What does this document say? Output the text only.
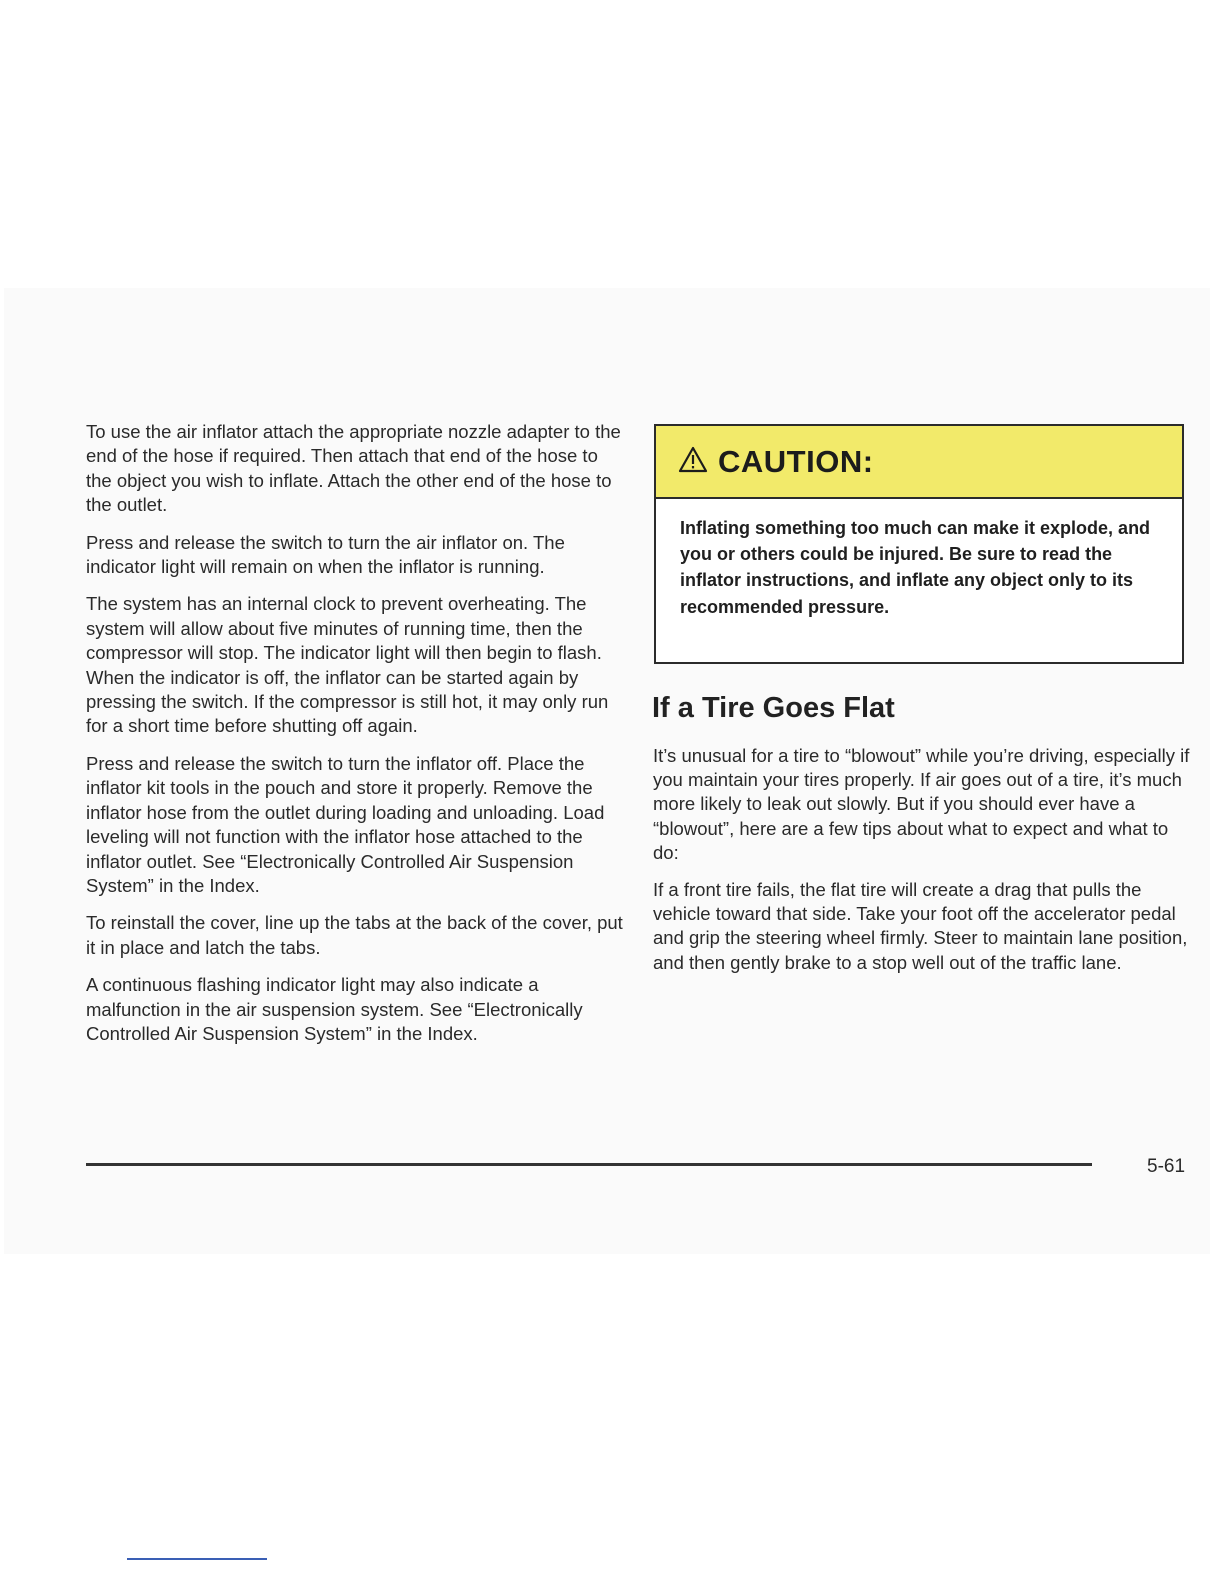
To use the air inflator attach the appropriate nozzle adapter to the end of the hose if required. Then attach that end of the hose to the object you wish to inflate. Attach the other end of the hose to the outlet.

Press and release the switch to turn the air inflator on. The indicator light will remain on when the inflator is running.

The system has an internal clock to prevent overheating. The system will allow about five minutes of running time, then the compressor will stop. The indicator light will then begin to flash. When the indicator is off, the inflator can be started again by pressing the switch. If the compressor is still hot, it may only run for a short time before shutting off again.

Press and release the switch to turn the inflator off. Place the inflator kit tools in the pouch and store it properly. Remove the inflator hose from the outlet during loading and unloading. Load leveling will not function with the inflator hose attached to the inflator outlet. See “Electronically Controlled Air Suspension System” in the Index.

To reinstall the cover, line up the tabs at the back of the cover, put it in place and latch the tabs.

A continuous flashing indicator light may also indicate a malfunction in the air suspension system. See “Electronically Controlled Air Suspension System” in the Index.

CAUTION:
Inflating something too much can make it explode, and you or others could be injured. Be sure to read the inflator instructions, and inflate any object only to its recommended pressure.
If a Tire Goes Flat

It’s unusual for a tire to “blowout” while you’re driving, especially if you maintain your tires properly. If air goes out of a tire, it’s much more likely to leak out slowly. But if you should ever have a “blowout”, here are a few tips about what to expect and what to do:

If a front tire fails, the flat tire will create a drag that pulls the vehicle toward that side. Take your foot off the accelerator pedal and grip the steering wheel firmly. Steer to maintain lane position, and then gently brake to a stop well out of the traffic lane.

5-61
